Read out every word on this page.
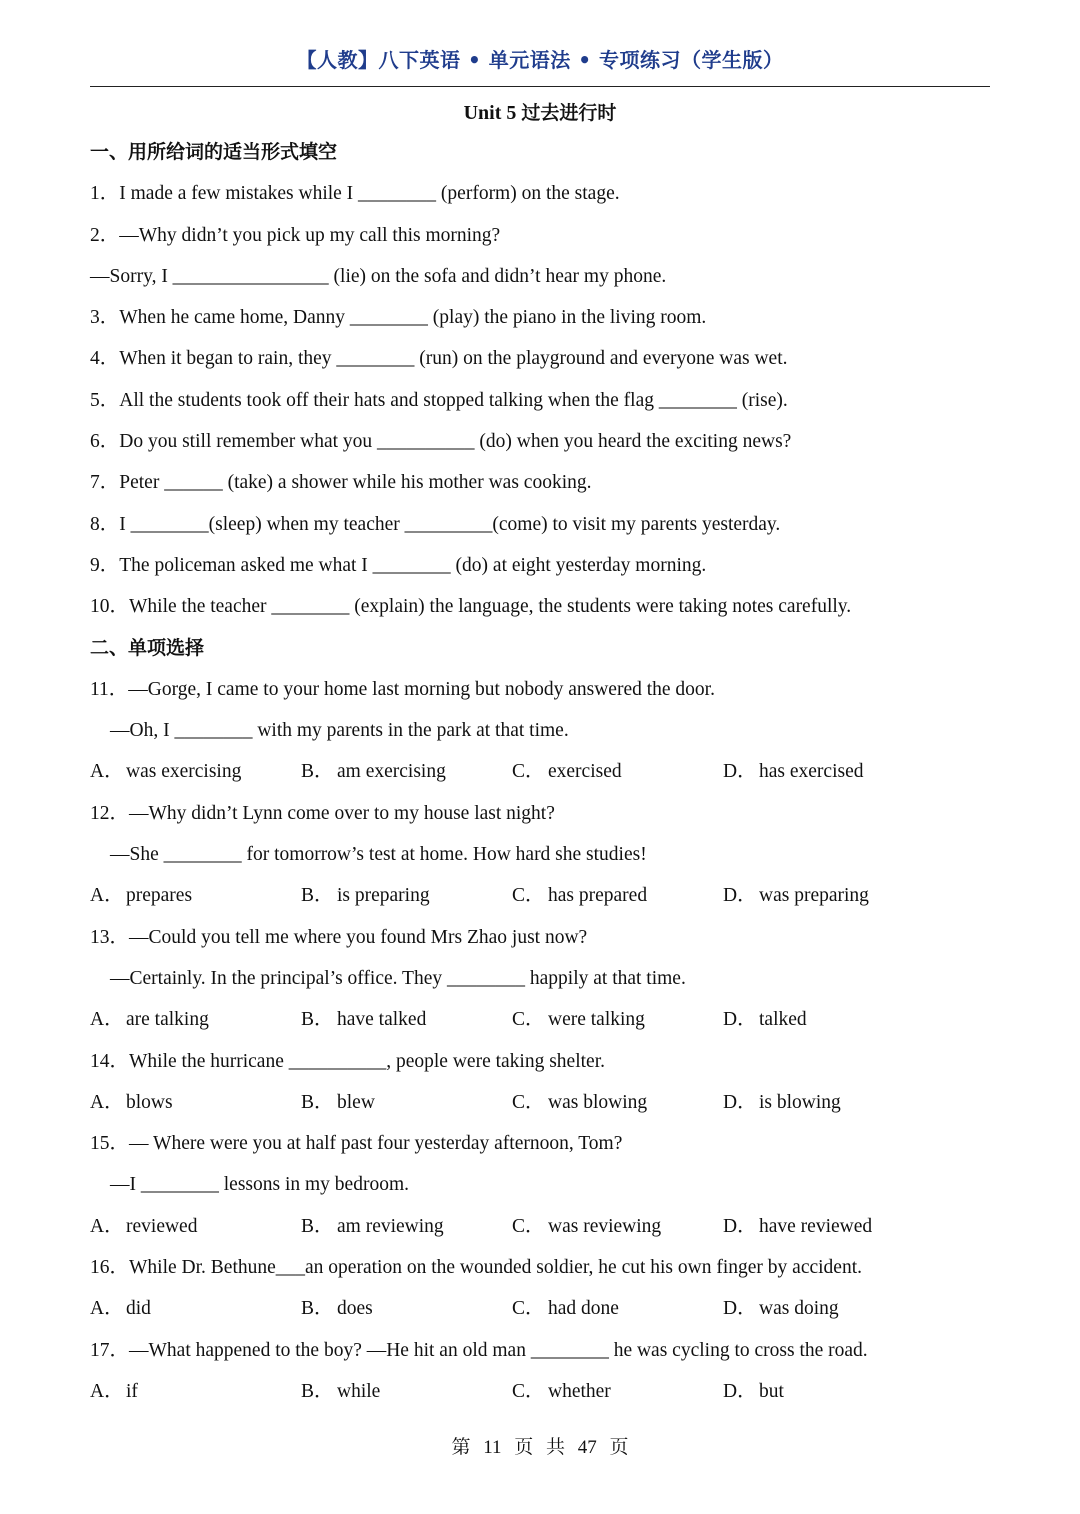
【人教】八下英语 • 单元语法 • 专项练习（学生版）
Unit 5 过去进行时
一、用所给词的适当形式填空
1．I made a few mistakes while I ________ (perform) on the stage.
2．—Why didn’t you pick up my call this morning?
—Sorry, I ________________ (lie) on the sofa and didn’t hear my phone.
3．When he came home, Danny ________ (play) the piano in the living room.
4．When it began to rain, they ________ (run) on the playground and everyone was wet.
5．All the students took off their hats and stopped talking when the flag ________ (rise).
6．Do you still remember what you __________ (do) when you heard the exciting news?
7．Peter ______ (take) a shower while his mother was cooking.
8．I ________(sleep) when my teacher _________(come) to visit my parents yesterday.
9．The policeman asked me what I ________ (do) at eight yesterday morning.
10．While the teacher ________ (explain) the language, the students were taking notes carefully.
二、单项选择
11．—Gorge, I came to your home last morning but nobody answered the door.
—Oh, I ________ with my parents in the park at that time.
A． was exercising	B． am exercising	C． exercised	D． has exercised
12．—Why didn’t Lynn come over to my house last night?
—She ________ for tomorrow’s test at home. How hard she studies!
A． prepares	B． is preparing	C． has prepared	D． was preparing
13．—Could you tell me where you found Mrs Zhao just now?
—Certainly. In the principal’s office. They ________ happily at that time.
A． are talking	B． have talked	C． were talking	D． talked
14．While the hurricane __________, people were taking shelter.
A． blows	B． blew	C． was blowing	D． is blowing
15．— Where were you at half past four yesterday afternoon, Tom?
—I ________ lessons in my bedroom.
A． reviewed	B． am reviewing	C． was reviewing	D． have reviewed
16．While Dr. Bethune___an operation on the wounded soldier, he cut his own finger by accident.
A． did	B． does	C． had done	D． was doing
17．—What happened to the boy? —He hit an old man ________ he was cycling to cross the road.
A． if	B． while	C． whether	D． but
第 11 页 共 47 页
